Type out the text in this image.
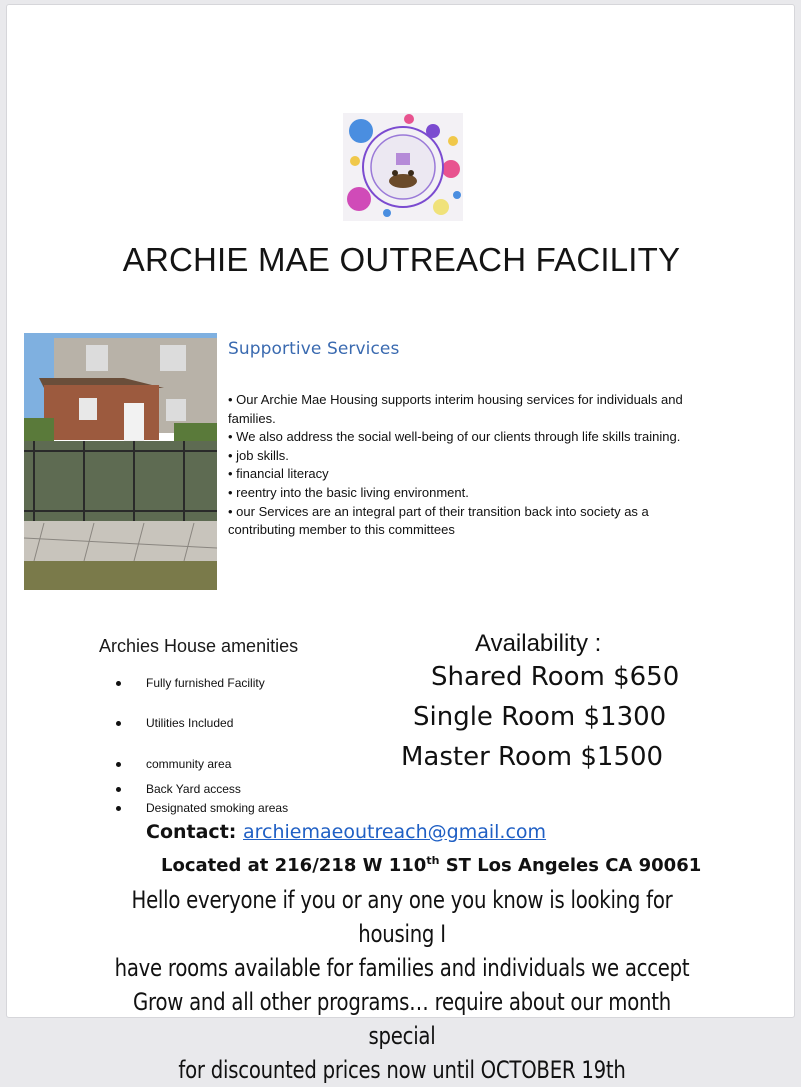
ARCHIE MAE OUTREACH FACILITY
Supportive Services
• Our Archie Mae Housing supports interim housing services for individuals and families.
• We also address the social well-being of our clients through life skills training.
• job skills.
• financial literacy
• reentry into the basic living environment.
• our Services are an integral part of their transition back into society as a contributing member to this committees
Archies House amenities
Fully furnished Facility
Utilities Included
community area
Back Yard access
Designated smoking areas
Availability :
Shared Room $650
Single Room $1300
Master Room $1500
Contact: archiemaeoutreach@gmail.com
Located at 216/218 W 110th ST Los Angeles CA 90061
Hello everyone if you or any one you know is looking for housing I
have rooms available for families and individuals we accept
Grow and all other programs… require about our month special
for discounted prices now until OCTOBER 19th
